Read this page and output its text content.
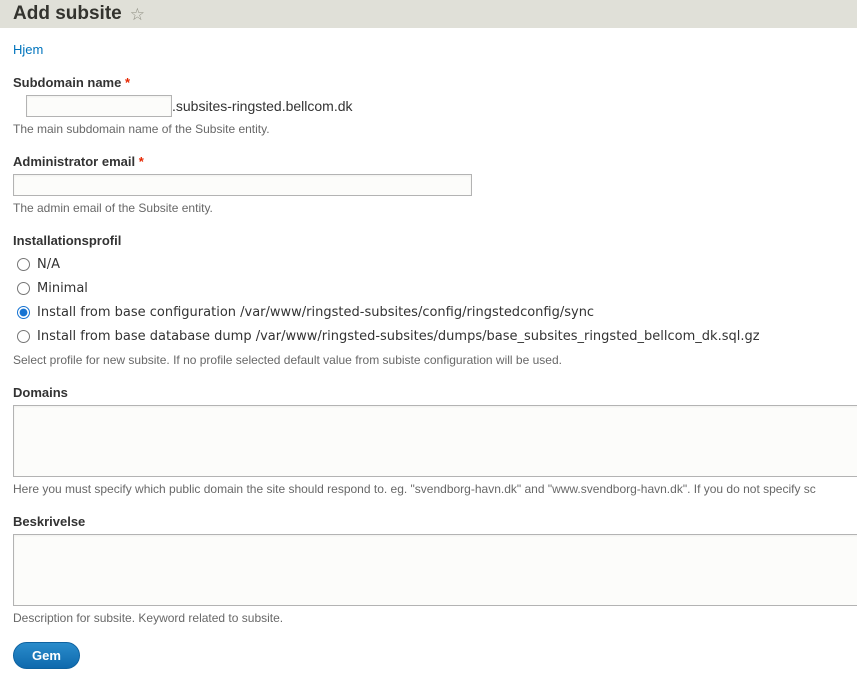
Add subsite ☆
Hjem
Subdomain name *
.subsites-ringsted.bellcom.dk
The main subdomain name of the Subsite entity.
Administrator email *
The admin email of the Subsite entity.
Installationsprofil
N/A
Minimal
Install from base configuration /var/www/ringsted-subsites/config/ringstedconfig/sync
Install from base database dump /var/www/ringsted-subsites/dumps/base_subsites_ringsted_bellcom_dk.sql.gz
Select profile for new subsite. If no profile selected default value from subiste configuration will be used.
Domains
Here you must specify which public domain the site should respond to. eg. "svendborg-havn.dk" and "www.svendborg-havn.dk". If you do not specify sc
Beskrivelse
Description for subsite. Keyword related to subsite.
Gem
